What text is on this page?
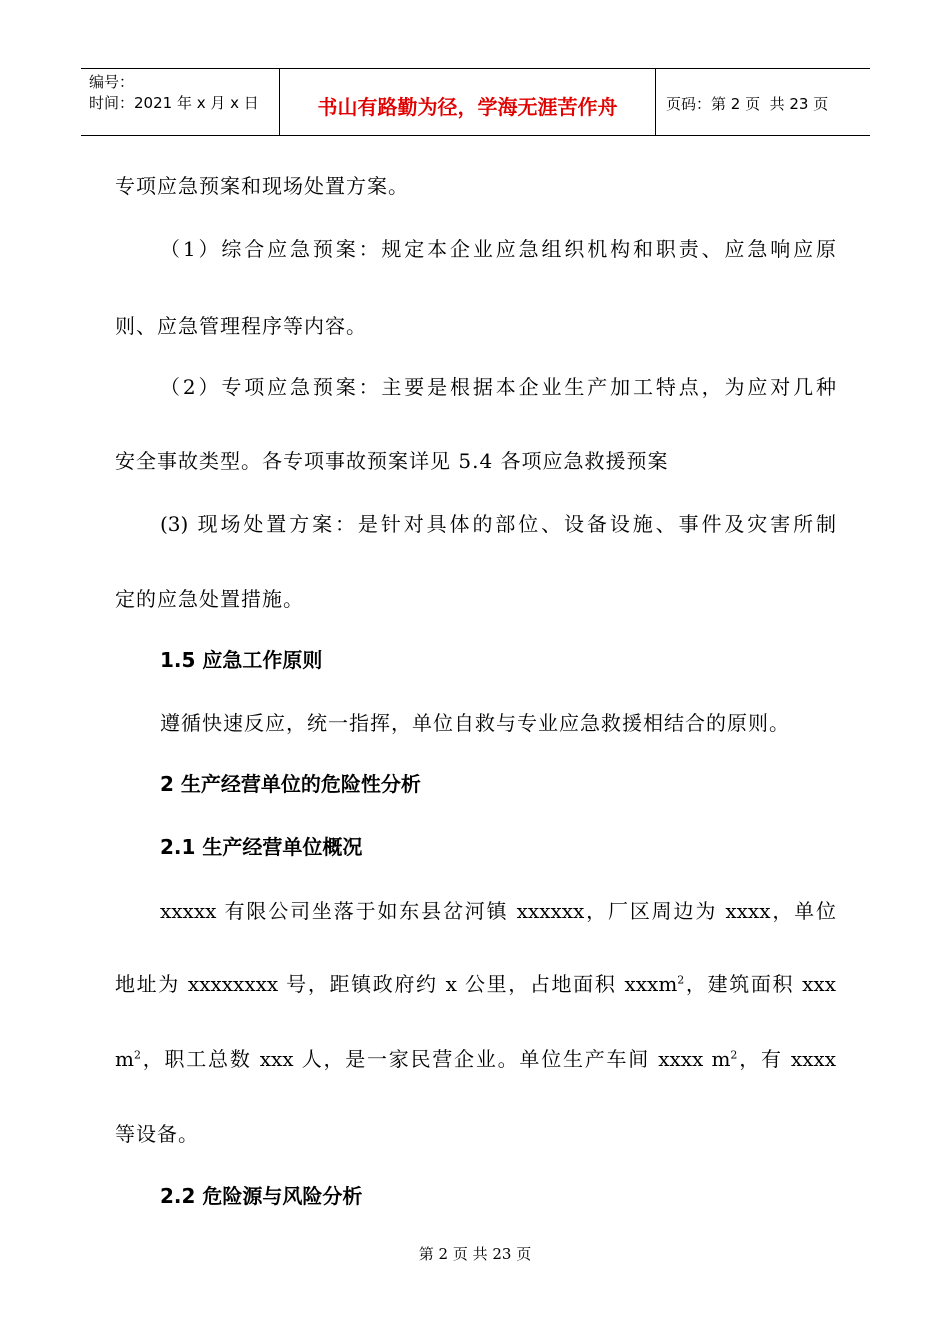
编号：
时间：2021 年 x 月 x 日	书山有路勤为径，学海无涯苦作舟	页码：第 2 页  共 23 页
专项应急预案和现场处置方案。
（1）综合应急预案：规定本企业应急组织机构和职责、应急响应原
则、应急管理程序等内容。
（2）专项应急预案：主要是根据本企业生产加工特点，为应对几种
安全事故类型。各专项事故预案详见 5.4 各项应急救援预案
(3) 现场处置方案：是针对具体的部位、设备设施、事件及灾害所制
定的应急处置措施。
1.5 应急工作原则
遵循快速反应，统一指挥，单位自救与专业应急救援相结合的原则。
2 生产经营单位的危险性分析
2.1 生产经营单位概况
xxxxx 有限公司坐落于如东县岔河镇 xxxxxx，厂区周边为 xxxx，单位
地址为 xxxxxxxx 号，距镇政府约 x 公里，占地面积 xxxm$^2$，建筑面积 xxx
$m^2$，职工总数 xxx 人，是一家民营企业。单位生产车间 xxxx $m^2$，有 xxxx
等设备。
2.2 危险源与风险分析
第 2 页 共 23 页
